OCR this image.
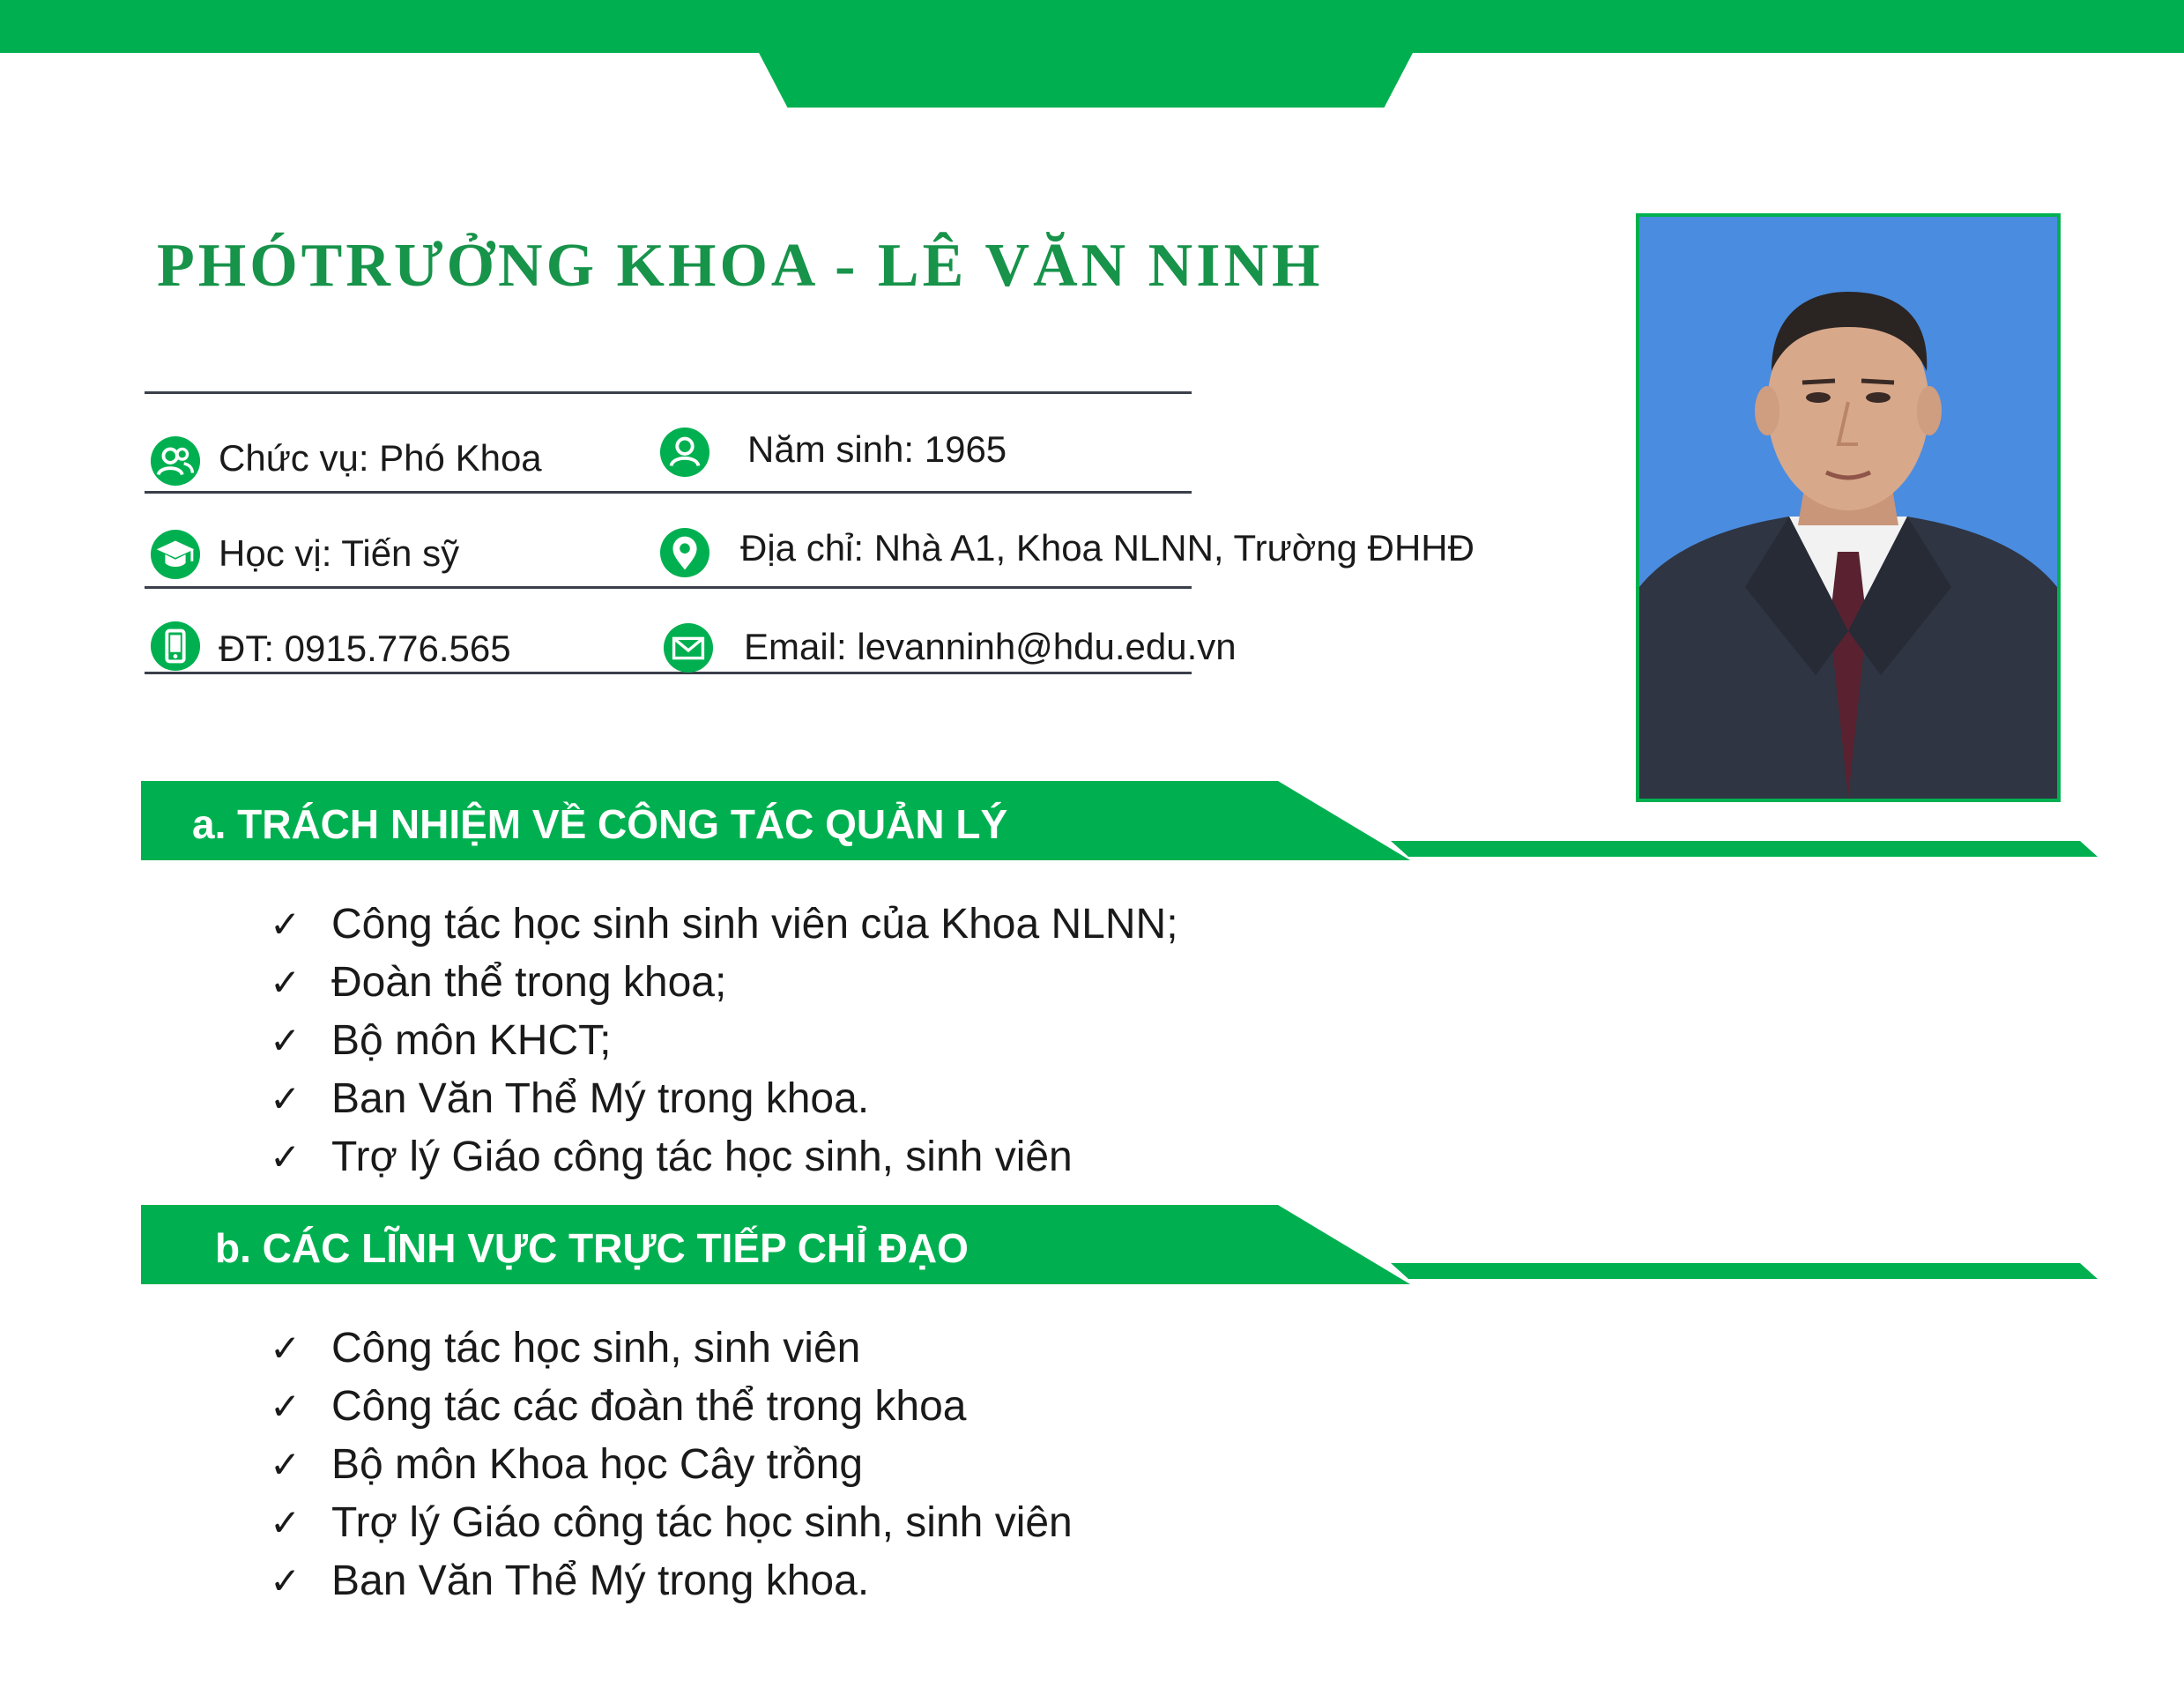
PHÓTRƯỞNG KHOA - LÊ VĂN NINH
Chức vụ: Phó Khoa	Năm sinh: 1965
Học vị: Tiến sỹ	Địa chỉ: Nhà A1, Khoa NLNN, Trường ĐHHĐ
ĐT: 0915.776.565	Email: levanninh@hdu.edu.vn
a. TRÁCH NHIỆM VỀ CÔNG TÁC QUẢN LÝ
✓ Công tác học sinh sinh viên của Khoa NLNN;
✓ Đoàn thể trong khoa;
✓ Bộ môn KHCT;
✓ Ban Văn Thể Mý trong khoa.
✓ Trợ lý Giáo công tác học sinh, sinh viên
b. CÁC LĨNH VỰC TRỰC TIẾP CHỈ ĐẠO
✓ Công tác học sinh, sinh viên
✓ Công tác các đoàn thể trong khoa
✓ Bộ môn Khoa học Cây trồng
✓ Trợ lý Giáo công tác học sinh, sinh viên
✓ Ban Văn Thể Mý trong khoa.
